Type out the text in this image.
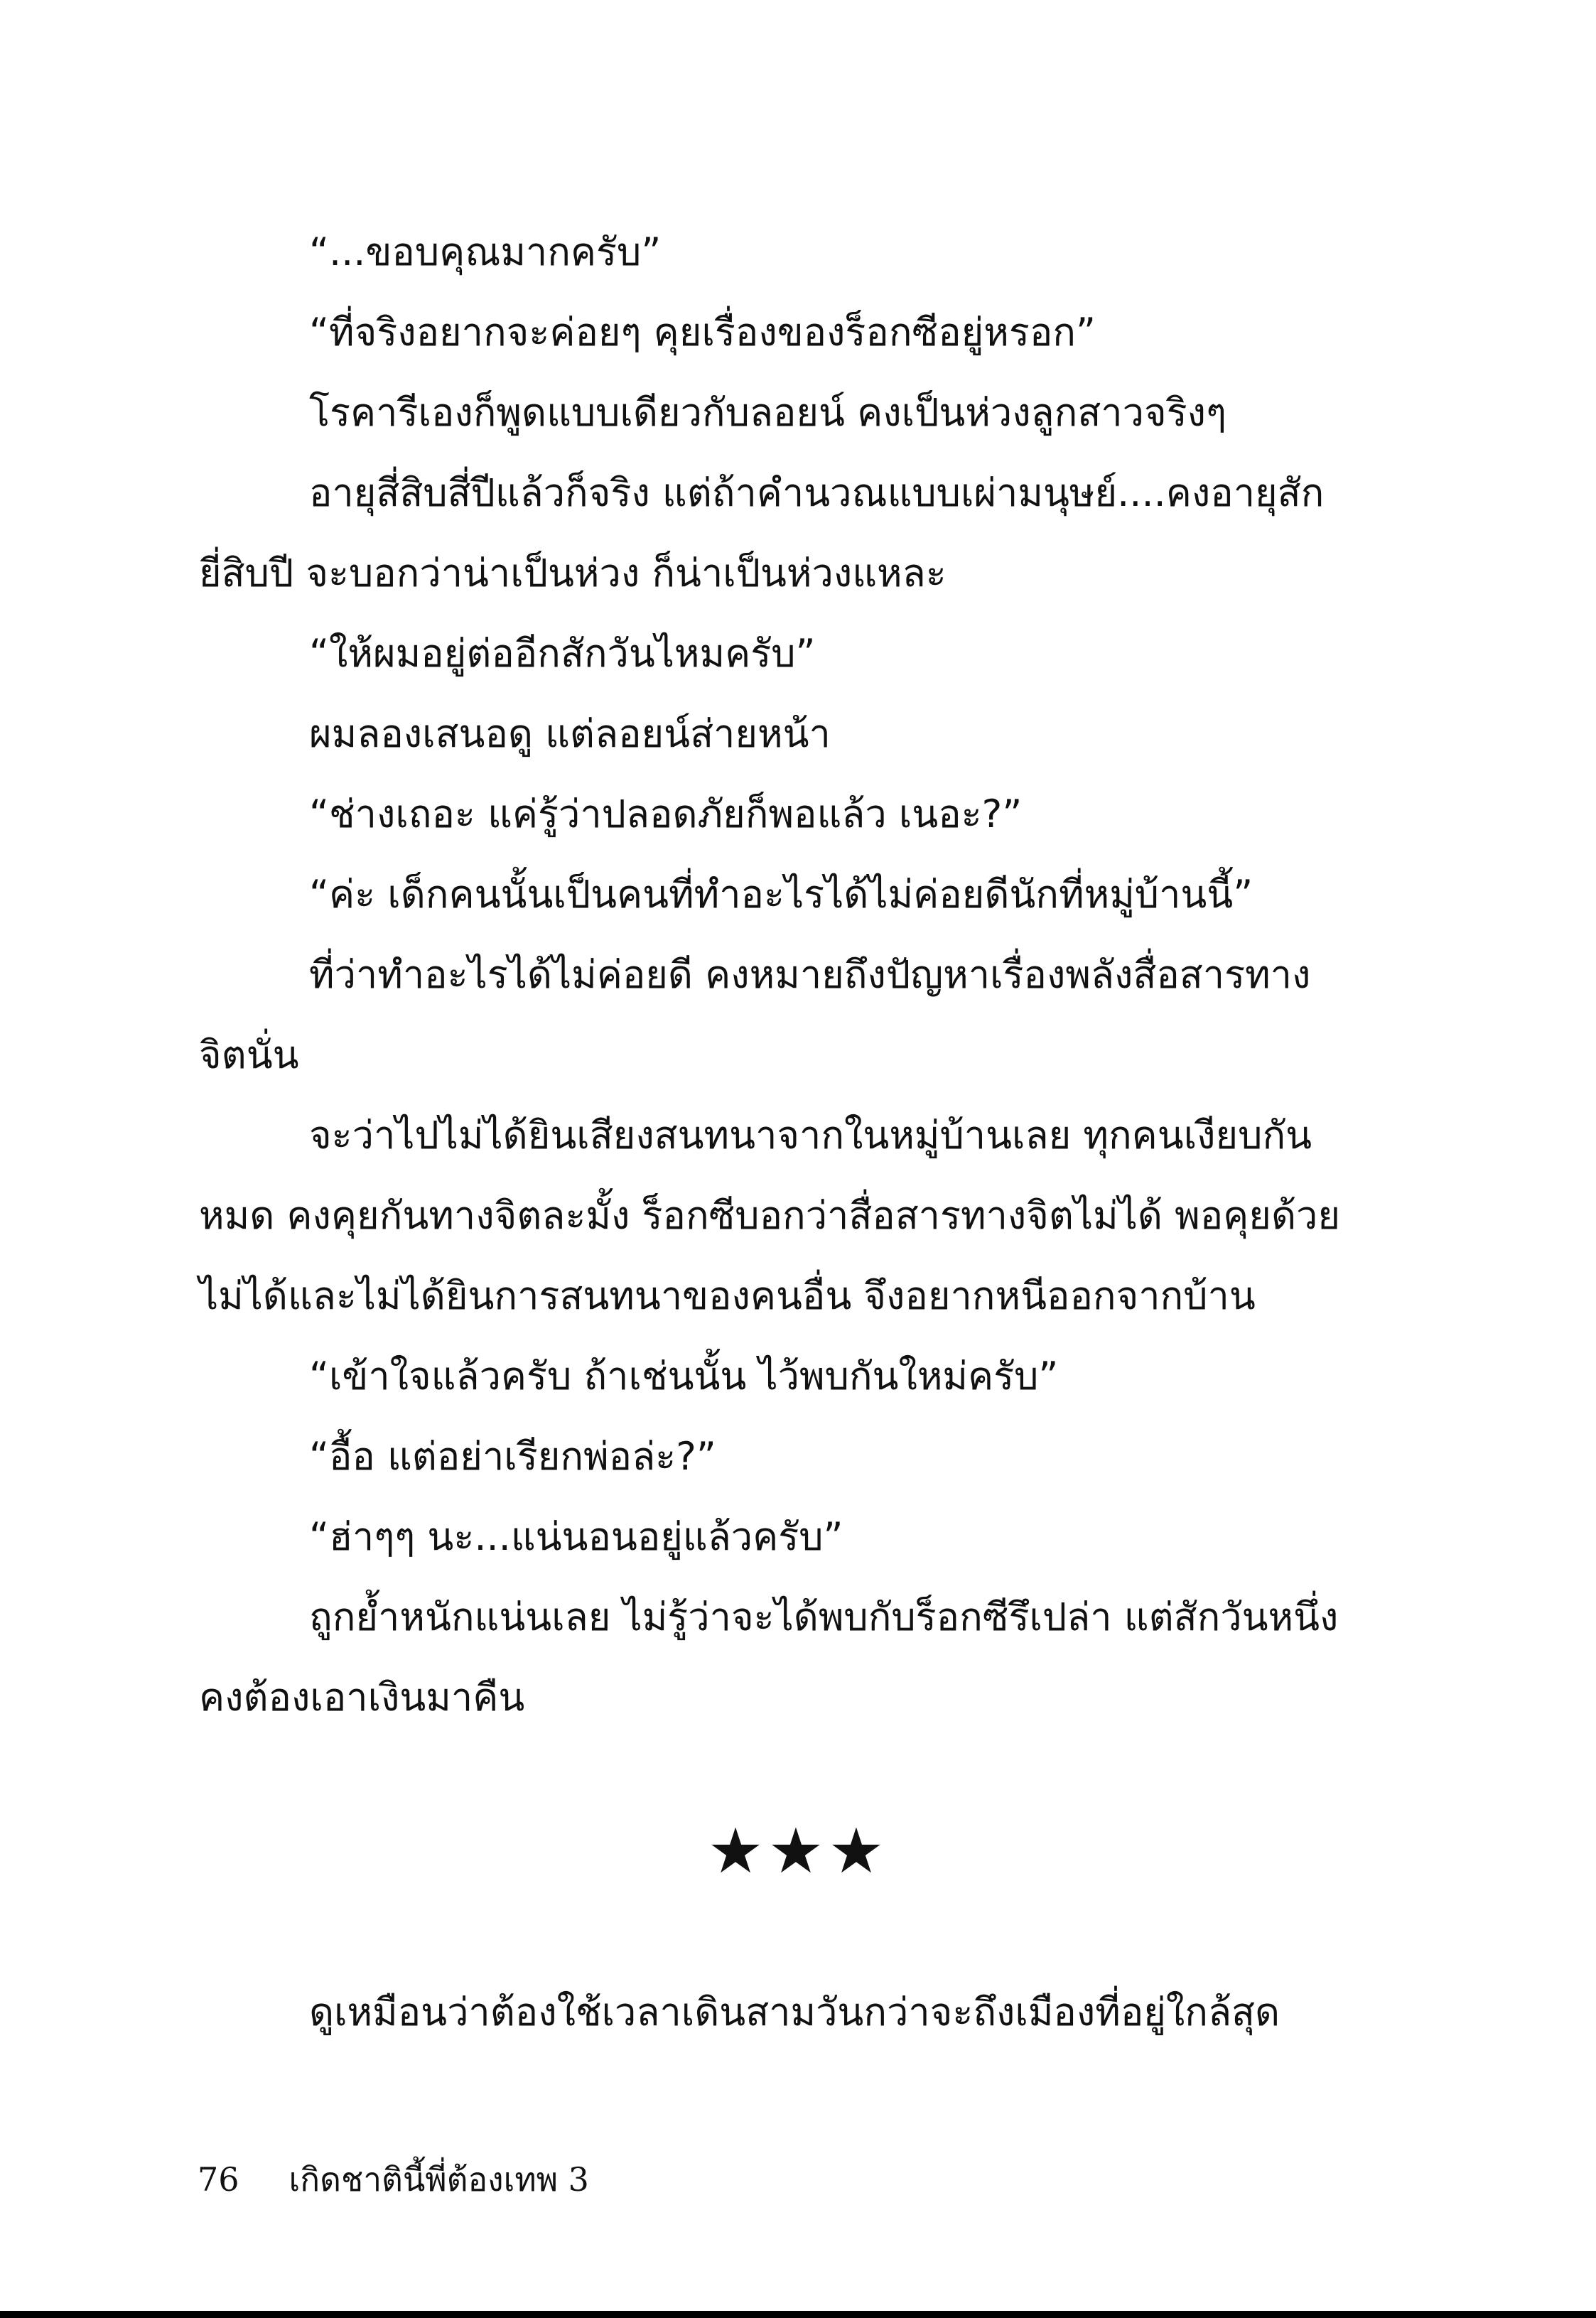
“...ขอบคุณมากครับ”
“ที่จริงอยากจะค่อยๆ คุยเรื่องของร็อกซีอยู่หรอก”
โรคารีเองก็พูดแบบเดียวกับลอยน์ คงเป็นห่วงลูกสาวจริงๆ
อายุสี่สิบสี่ปีแล้วก็จริง แต่ถ้าคำนวณแบบเผ่ามนุษย์....คงอายุสัก
ยี่สิบปี จะบอกว่าน่าเป็นห่วง ก็น่าเป็นห่วงแหละ
“ให้ผมอยู่ต่ออีกสักวันไหมครับ”
ผมลองเสนอดู แต่ลอยน์ส่ายหน้า
“ช่างเถอะ แค่รู้ว่าปลอดภัยก็พอแล้ว เนอะ?”
“ค่ะ เด็กคนนั้นเป็นคนที่ทำอะไรได้ไม่ค่อยดีนักที่หมู่บ้านนี้”
ที่ว่าทำอะไรได้ไม่ค่อยดี คงหมายถึงปัญหาเรื่องพลังสื่อสารทาง
จิตนั่น
จะว่าไปไม่ได้ยินเสียงสนทนาจากในหมู่บ้านเลย ทุกคนเงียบกัน
หมด คงคุยกันทางจิตละมั้ง ร็อกซีบอกว่าสื่อสารทางจิตไม่ได้ พอคุยด้วย
ไม่ได้และไม่ได้ยินการสนทนาของคนอื่น จึงอยากหนีออกจากบ้าน
“เข้าใจแล้วครับ ถ้าเช่นนั้น ไว้พบกันใหม่ครับ”
“อื้อ แต่อย่าเรียกพ่อล่ะ?”
“ฮ่าๆๆ นะ...แน่นอนอยู่แล้วครับ”
ถูกย้ำหนักแน่นเลย ไม่รู้ว่าจะได้พบกับร็อกซีรึเปล่า แต่สักวันหนึ่ง
คงต้องเอาเงินมาคืน
★★★
ดูเหมือนว่าต้องใช้เวลาเดินสามวันกว่าจะถึงเมืองที่อยู่ใกล้สุด
76 เกิดชาตินี้พี่ต้องเทพ 3
